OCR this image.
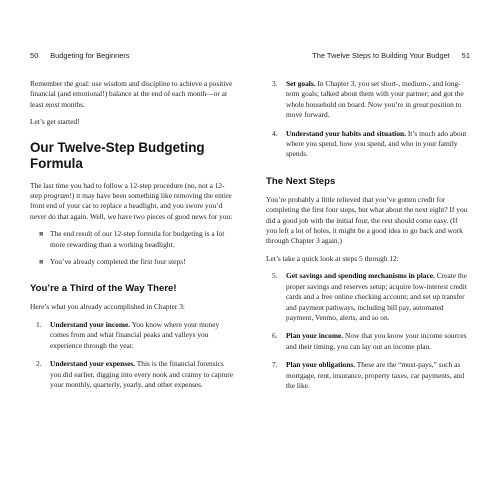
50 Budgeting for Beginners

Remember the goal: use wisdom and discipline to achieve a positive financial (and emotional!) balance at the end of each month—or at least most months.

Let’s get started!

Our Twelve-Step Budgeting Formula

The last time you had to follow a 12-step procedure (no, not a 12-step program!) it may have been something like removing the entire front end of your car to replace a headlight, and you swore you’d never do that again. Well, we have two pieces of good news for you:

■ The end result of our 12-step formula for budgeting is a lot more rewarding than a working headlight.
■ You’ve already completed the first four steps!
You’re a Third of the Way There!

Here’s what you already accomplished in Chapter 3:

1. Understand your income. You know where your money comes from and what financial peaks and valleys you experience through the year.
2. Understand your expenses. This is the financial forensics you did earlier, digging into every nook and cranny to capture your monthly, quarterly, yearly, and other expenses.
The Twelve Steps to Building Your Budget 51
3. Set goals. In Chapter 3, you set short-, medium-, and long-term goals; talked about them with your partner; and got the whole household on board. Now you’re in great position to move forward.
4. Understand your habits and situation. It’s much ado about where you spend, how you spend, and who in your family spends.
The Next Steps

You’re probably a little relieved that you’ve gotten credit for completing the first four steps, but what about the next eight? If you did a good job with the initial four, the rest should come easy. (If you left a lot of holes, it might be a good idea to go back and work through Chapter 3 again.)

Let’s take a quick look at steps 5 through 12:

5. Get savings and spending mechanisms in place. Create the proper savings and reserves setup; acquire low-interest credit cards and a free online checking account; and set up transfer and payment pathways, including bill pay, automated payment, Venmo, alerts, and so on.
6. Plan your income. Now that you know your income sources and their timing, you can lay out an income plan.
7. Plan your obligations. These are the “must-pays,” such as mortgage, rent, insurance, property taxes, car payments, and the like.
